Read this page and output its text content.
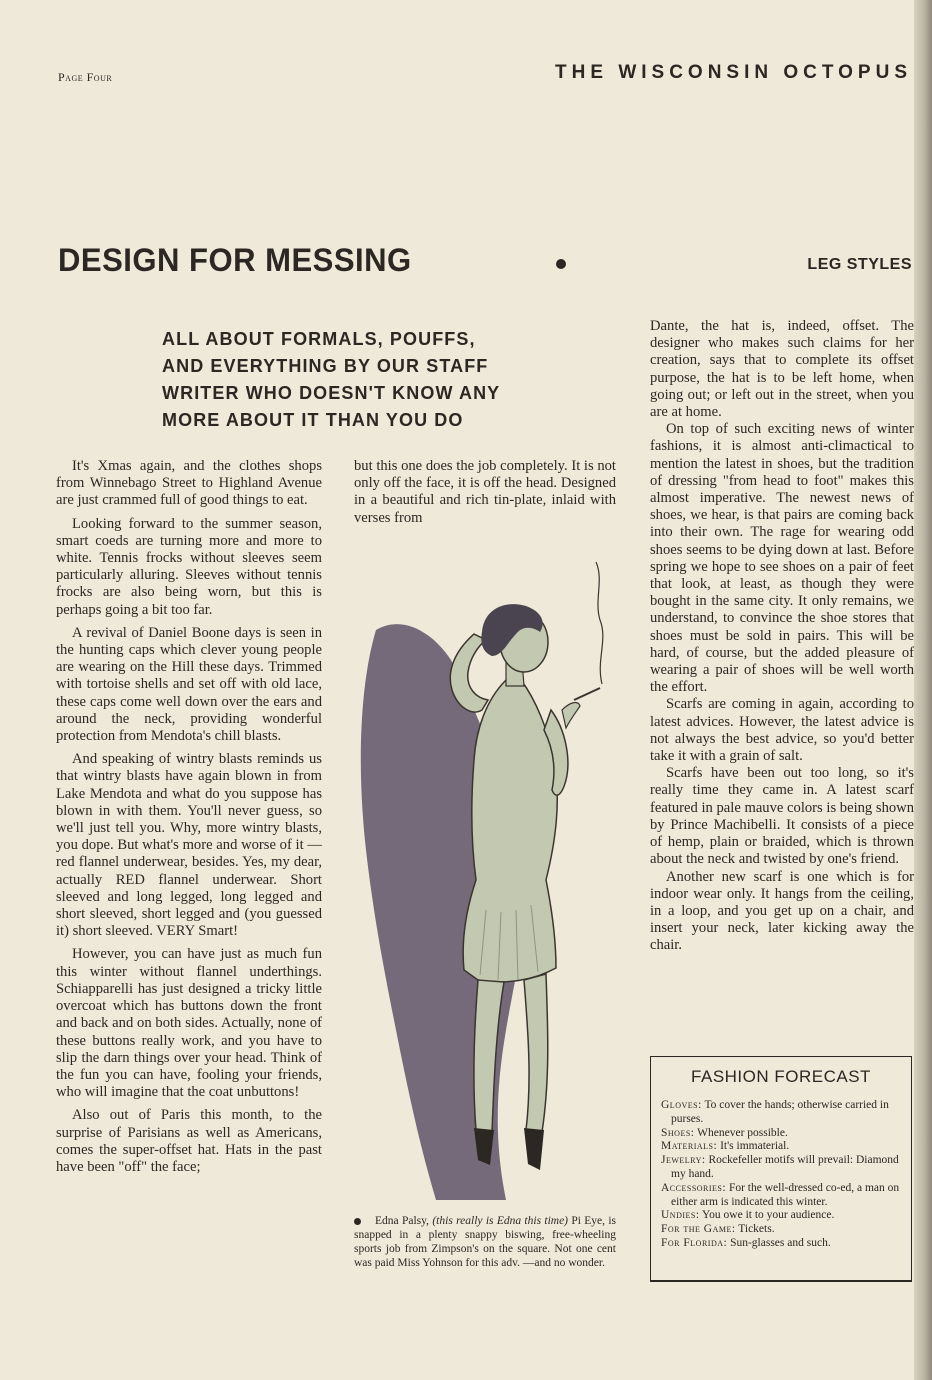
Page Four	THE WISCONSIN OCTOPUS
DESIGN FOR MESSING	LEG STYLES
ALL ABOUT FORMALS, POUFFS,
AND EVERYTHING BY OUR STAFF
WRITER WHO DOESN'T KNOW ANY
MORE ABOUT IT THAN YOU DO

It's Xmas again, and the clothes shops from Winnebago Street to Highland Avenue are just crammed full of good things to eat.

Looking forward to the summer season, smart coeds are turning more and more to white. Tennis frocks without sleeves seem particularly alluring. Sleeves without tennis frocks are also being worn, but this is perhaps going a bit too far.

A revival of Daniel Boone days is seen in the hunting caps which clever young people are wearing on the Hill these days. Trimmed with tortoise shells and set off with old lace, these caps come well down over the ears and around the neck, providing wonderful protection from Mendota's chill blasts.

And speaking of wintry blasts reminds us that wintry blasts have again blown in from Lake Mendota and what do you suppose has blown in with them. You'll never guess, so we'll just tell you. Why, more wintry blasts, you dope. But what's more and worse of it — red flannel underwear, besides. Yes, my dear, actually RED flannel underwear. Short sleeved and long legged, long legged and short sleeved, short legged and (you guessed it) short sleeved. VERY Smart!

However, you can have just as much fun this winter without flannel underthings. Schiapparelli has just designed a tricky little overcoat which has buttons down the front and back and on both sides. Actually, none of these buttons really work, and you have to slip the darn things over your head. Think of the fun you can have, fooling your friends, who will imagine that the coat unbuttons!

Also out of Paris this month, to the surprise of Parisians as well as Americans, comes the super-offset hat. Hats in the past have been "off" the face;

but this one does the job completely. It is not only off the face, it is off the head. Designed in a beautiful and rich tin-plate, inlaid with verses from

Dante, the hat is, indeed, offset. The designer who makes such claims for her creation, says that to complete its offset purpose, the hat is to be left home, when going out; or left out in the street, when you are at home.

On top of such exciting news of winter fashions, it is almost anti-climactical to mention the latest in shoes, but the tradition of dressing "from head to foot" makes this almost imperative. The newest news of shoes, we hear, is that pairs are coming back into their own. The rage for wearing odd shoes seems to be dying down at last. Before spring we hope to see shoes on a pair of feet that look, at least, as though they were bought in the same city. It only remains, we understand, to convince the shoe stores that shoes must be sold in pairs. This will be hard, of course, but the added pleasure of wearing a pair of shoes will be well worth the effort.

Scarfs are coming in again, according to latest advices. However, the latest advice is not always the best advice, so you'd better take it with a grain of salt.

Scarfs have been out too long, so it's really time they came in. A latest scarf featured in pale mauve colors is being shown by Prince Machibelli. It consists of a piece of hemp, plain or braided, which is thrown about the neck and twisted by one's friend.

Another new scarf is one which is for indoor wear only. It hangs from the ceiling, in a loop, and you get up on a chair, and insert your neck, later kicking away the chair.

Edna Palsy, (this really is Edna this time) Pi Eye, is snapped in a plenty snappy biswing, free-wheeling sports job from Zimpson's on the square. Not one cent was paid Miss Yohnson for this adv. —and no wonder.
FASHION FORECAST
Gloves: To cover the hands; otherwise carried in purses.
Shoes: Whenever possible.
Materials: It's immaterial.
Jewelry: Rockefeller motifs will prevail: Diamond my hand.
Accessories: For the well-dressed co-ed, a man on either arm is indicated this winter.
Undies: You owe it to your audience.
For the Game: Tickets.
For Florida: Sun-glasses and such.
